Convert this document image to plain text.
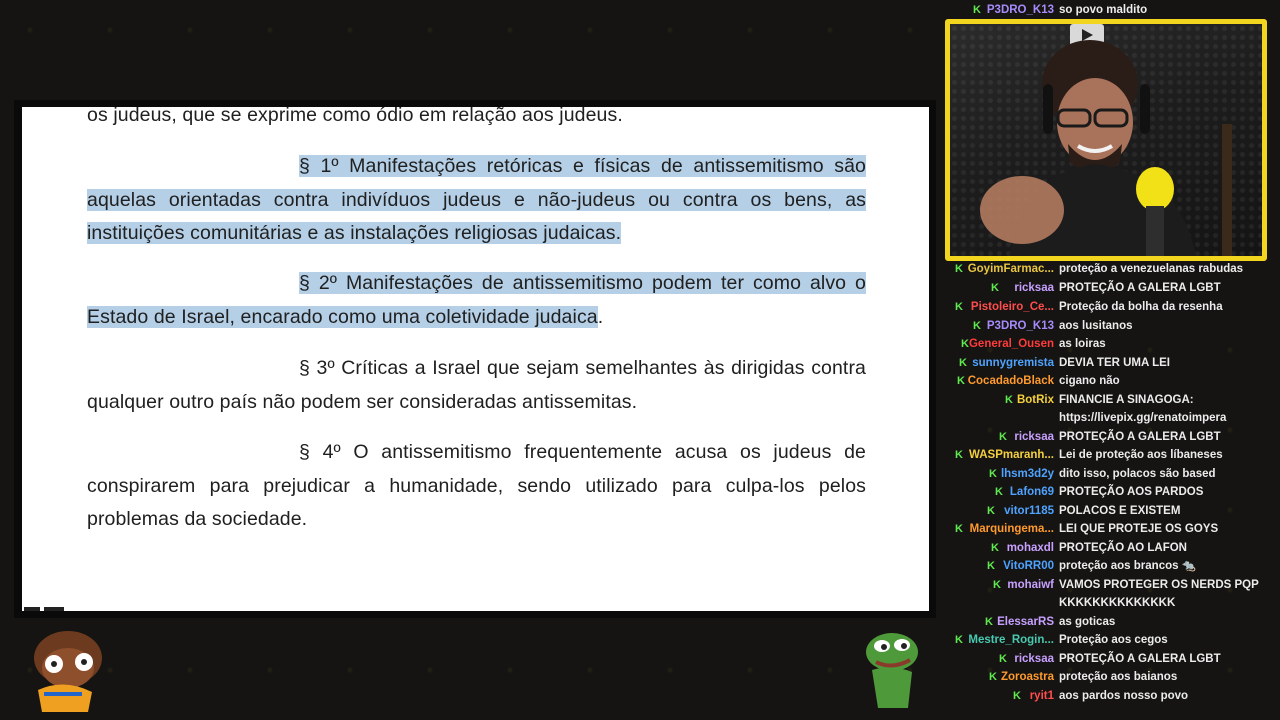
os judeus, que se exprime como ódio em relação aos judeus.

§ 1º Manifestações retóricas e físicas de antissemitismo são aquelas orientadas contra indivíduos judeus e não-judeus ou contra os bens, as instituições comunitárias e as instalações religiosas judaicas.

§ 2º Manifestações de antissemitismo podem ter como alvo o Estado de Israel, encarado como uma coletividade judaica.

§ 3º Críticas a Israel que sejam semelhantes às dirigidas contra qualquer outro país não podem ser consideradas antissemitas.

§ 4º O antissemitismo frequentemente acusa os judeus de conspirarem para prejudicar a humanidade, sendo utilizado para culpa-los pelos problemas da sociedade.

K P3DRO_K13 so povo maldito
K GoyimFarmac... proteção a venezuelanas rabudas
K ricksaa PROTEÇÃO A GALERA LGBT
K Pistoleiro_Ce... Proteção da bolha da resenha
K P3DRO_K13 aos lusitanos
K General_Ousen as loiras
K sunnygremista DEVIA TER UMA LEI
K CocadadoBlack cigano não
K BotRix FINANCIE A SINAGOGA:
https://livepix.gg/renatoimpera
K ricksaa PROTEÇÃO A GALERA LGBT
K WASPmaranh... Lei de proteção aos líbaneses
K lhsm3d2y dito isso, polacos são based
K Lafon69 PROTEÇÃO AOS PARDOS
K vitor1185 POLACOS E EXISTEM
K Marquingema... LEI QUE PROTEJE OS GOYS
K mohaxdl PROTEÇÃO AO LAFON
K VitoRR00 proteção aos brancos 🐀
K mohaiwf VAMOS PROTEGER OS NERDS PQP
KKKKKKKKKKKKKK
K ElessarRS as goticas
K Mestre_Rogin... Proteção aos cegos
K ricksaa PROTEÇÃO A GALERA LGBT
K Zoroastra proteção aos baianos
K ryit1 aos pardos nosso povo
